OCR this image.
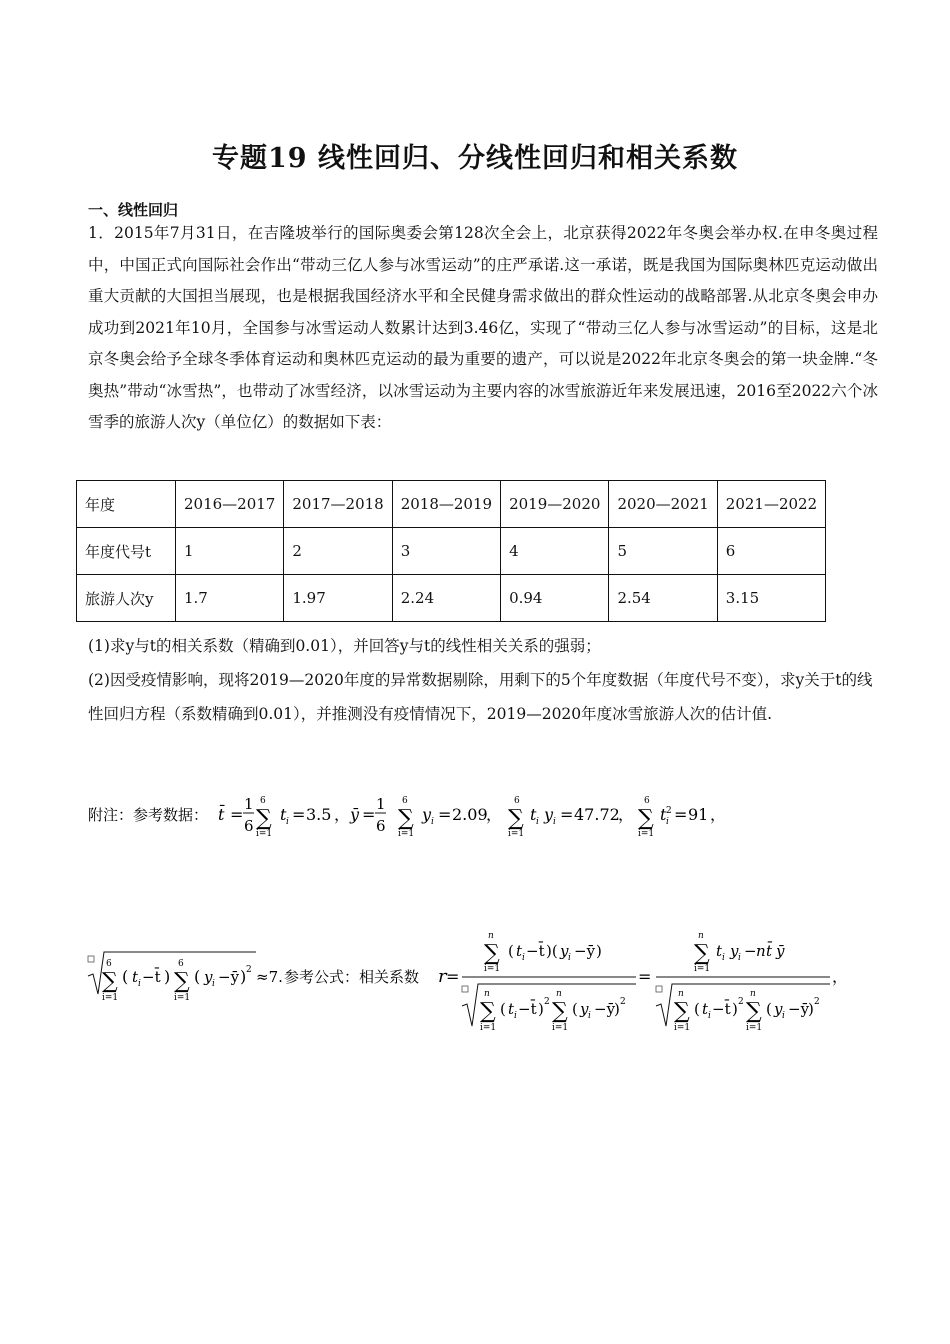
专题19 线性回归、分线性回归和相关系数
一、线性回归
1．2015年7月31日，在吉隆坡举行的国际奥委会第128次全会上，北京获得2022年冬奥会举办权.在申冬奥过程中，中国正式向国际社会作出“带动三亿人参与冰雪运动”的庄严承诺.这一承诺，既是我国为国际奥林匹克运动做出重大贡献的大国担当展现，也是根据我国经济水平和全民健身需求做出的群众性运动的战略部署.从北京冬奥会申办成功到2021年10月，全国参与冰雪运动人数累计达到3.46亿，实现了“带动三亿人参与冰雪运动”的目标，这是北京冬奥会给予全球冬季体育运动和奥林匹克运动的最为重要的遗产，可以说是2022年北京冬奥会的第一块金牌.“冬奥热”带动“冰雪热”，也带动了冰雪经济，以冰雪运动为主要内容的冰雪旅游近年来发展迅速，2016至2022六个冰雪季的旅游人次y（单位亿）的数据如下表：
年度	2016—2017	2017—2018	2018—2019	2019—2020	2020—2021	2021—2022
年度代号t	1	2	3	4	5	6
旅游人次y	1.7	1.97	2.24	0.94	2.54	3.15
(1)求y与t的相关系数（精确到0.01），并回答y与t的线性相关关系的强弱；
(2)因受疫情影响，现将2019—2020年度的异常数据剔除，用剩下的5个年度数据（年度代号不变），求y关于t的线性回归方程（系数精确到0.01），并推测没有疫情情况下，2019—2020年度冰雪旅游人次的估计值.
附注：参考数据： t̄ =
1
6
6
∑
i=1
t i = 3.5 ， ȳ =
1
6
6
∑
i=1
y i = 2.09
，
6
∑
i=1
t i y i = 47.72
，
6
∑
i=1
t 2
i = 91 ，
6
∑
i=1
( t i −t̄ )
6
∑
i=1
( y i −ȳ ) 2 ≈7. 参考公式：相关系数 r =
n
∑
i=1
( t i −t̄ )( y i −ȳ )
n
∑
i=1
( t i −t̄ ) 2
n
∑
i=1
( y i −ȳ
) 2
=
n
∑
i=1
t i y i − n t̄ ȳ
n
∑
i=1
( t i −t̄ ) 2
n
∑
i=1
( y i −ȳ
) 2
，
